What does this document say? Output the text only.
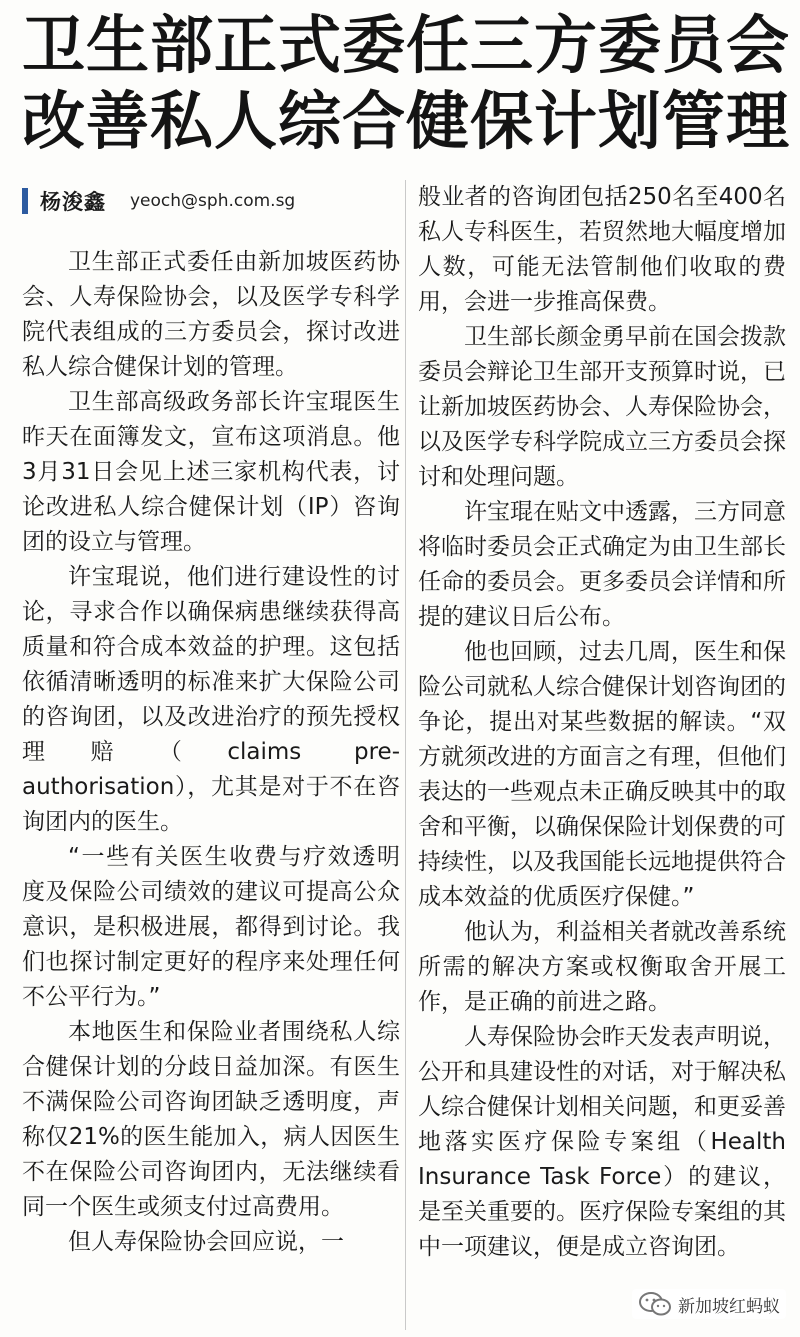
卫生部正式委任三方委员会
改善私人综合健保计划管理
杨浚鑫 yeoch@sph.com.sg

卫生部正式委任由新加坡医药协会、人寿保险协会，以及医学专科学院代表组成的三方委员会，探讨改进私人综合健保计划的管理。

卫生部高级政务部长许宝琨医生昨天在面簿发文，宣布这项消息。他3月31日会见上述三家机构代表，讨论改进私人综合健保计划（IP）咨询团的设立与管理。

许宝琨说，他们进行建设性的讨论，寻求合作以确保病患继续获得高质量和符合成本效益的护理。这包括依循清晰透明的标准来扩大保险公司的咨询团，以及改进治疗的预先授权理赔（claims pre-authorisation），尤其是对于不在咨询团内的医生。

“一些有关医生收费与疗效透明度及保险公司绩效的建议可提高公众意识，是积极进展，都得到讨论。我们也探讨制定更好的程序来处理任何不公平行为。”

本地医生和保险业者围绕私人综合健保计划的分歧日益加深。有医生不满保险公司咨询团缺乏透明度，声称仅21%的医生能加入，病人因医生不在保险公司咨询团内，无法继续看同一个医生或须支付过高费用。

但人寿保险协会回应说，一

般业者的咨询团包括250名至400名私人专科医生，若贸然地大幅度增加人数，可能无法管制他们收取的费用，会进一步推高保费。

卫生部长颜金勇早前在国会拨款委员会辩论卫生部开支预算时说，已让新加坡医药协会、人寿保险协会，以及医学专科学院成立三方委员会探讨和处理问题。

许宝琨在贴文中透露，三方同意将临时委员会正式确定为由卫生部长任命的委员会。更多委员会详情和所提的建议日后公布。

他也回顾，过去几周，医生和保险公司就私人综合健保计划咨询团的争论，提出对某些数据的解读。“双方就须改进的方面言之有理，但他们表达的一些观点未正确反映其中的取舍和平衡，以确保保险计划保费的可持续性，以及我国能长远地提供符合成本效益的优质医疗保健。”

他认为，利益相关者就改善系统所需的解决方案或权衡取舍开展工作，是正确的前进之路。

人寿保险协会昨天发表声明说，公开和具建设性的对话，对于解决私人综合健保计划相关问题，和更妥善地落实医疗保险专案组（Health Insurance Task Force）的建议，是至关重要的。医疗保险专案组的其中一项建议，便是成立咨询团。

新加坡红蚂蚁
